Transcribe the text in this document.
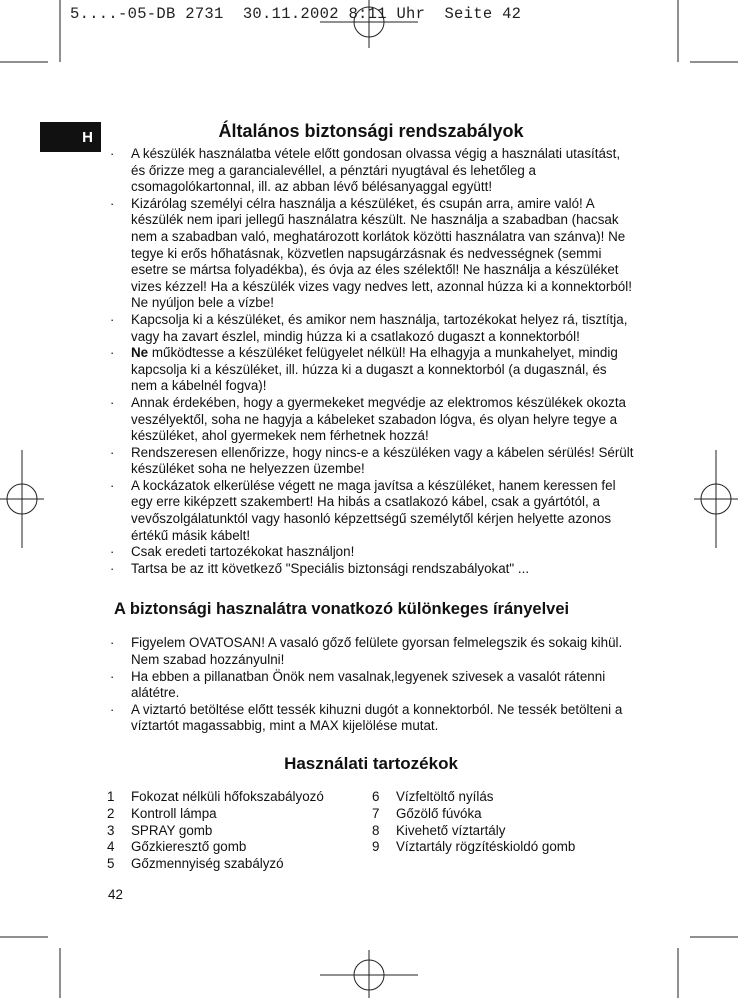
5....-05-DB 2731  30.11.2002 8:11 Uhr  Seite 42
H	Általános biztonsági rendszabályok
· A készülék használatba vétele előtt gondosan olvassa végig a használati utasítást, és őrizze meg a garancialevéllel, a pénztári nyugtával és lehetőleg a csomagolókartonnal, ill. az abban lévő bélésanyaggal együtt!
· Kizárólag személyi célra használja a készüléket, és csupán arra, amire való! A készülék nem ipari jellegű használatra készült. Ne használja a szabadban (hacsak nem a szabadban való, meghatározott korlátok közötti használatra van szánva)! Ne tegye ki erős hőhatásnak, közvetlen napsugárzásnak és nedvességnek (semmi esetre se mártsa folyadékba), és óvja az éles szélektől! Ne használja a készüléket vizes kézzel! Ha a készülék vizes vagy nedves lett, azonnal húzza ki a konnektorból! Ne nyúljon bele a vízbe!
· Kapcsolja ki a készüléket, és amikor nem használja, tartozékokat helyez rá, tisztítja, vagy ha zavart észlel, mindig húzza ki a csatlakozó dugaszt a konnektorból!
· Ne működtesse a készüléket felügyelet nélkül! Ha elhagyja a munkahelyet, mindig kapcsolja ki a készüléket, ill. húzza ki a dugaszt a konnektorból (a dugasznál, és nem a kábelnél fogva)!
· Annak érdekében, hogy a gyermekeket megvédje az elektromos készülékek okozta veszélyektől, soha ne hagyja a kábeleket szabadon lógva, és olyan helyre tegye a készüléket, ahol gyermekek nem férhetnek hozzá!
· Rendszeresen ellenőrizze, hogy nincs-e a készüléken vagy a kábelen sérülés! Sérült készüléket soha ne helyezzen üzembe!
· A kockázatok elkerülése végett ne maga javítsa a készüléket, hanem keressen fel egy erre kiképzett szakembert! Ha hibás a csatlakozó kábel, csak a gyártótól, a vevőszolgálatunktól vagy hasonló képzettségű személytől kérjen helyette azonos értékű másik kábelt!
· Csak eredeti tartozékokat használjon!
· Tartsa be az itt következő "Speciális biztonsági rendszabályokat" ...
A biztonsági hasznalátra vonatkozó különkeges írányelvei
· Figyelem OVATOSAN! A vasaló gőző felülete gyorsan felmelegszik és sokaig kihül. Nem szabad hozzányulni!
· Ha ebben a pillanatban Önök nem vasalnak,legyenek szivesek a vasalót rátenni alátétre.
· A viztartó betöltése előtt tessék kihuzni dugót a konnektorból. Ne tessék betölteni a víztartót magassabbig, mint a MAX kijelölése mutat.
Használati tartozékok
1	Fokozat nélküli hőfokszabályozó
2	Kontroll lámpa
3	SPRAY gomb
4	Gőzkieresztő gomb
5	Gőzmennyiség szabályzó
6	Vízfeltöltő nyílás
7	Gőzölő fúvóka
8	Kivehető víztartály
9	Víztartály rögzítéskioldó gomb
42
